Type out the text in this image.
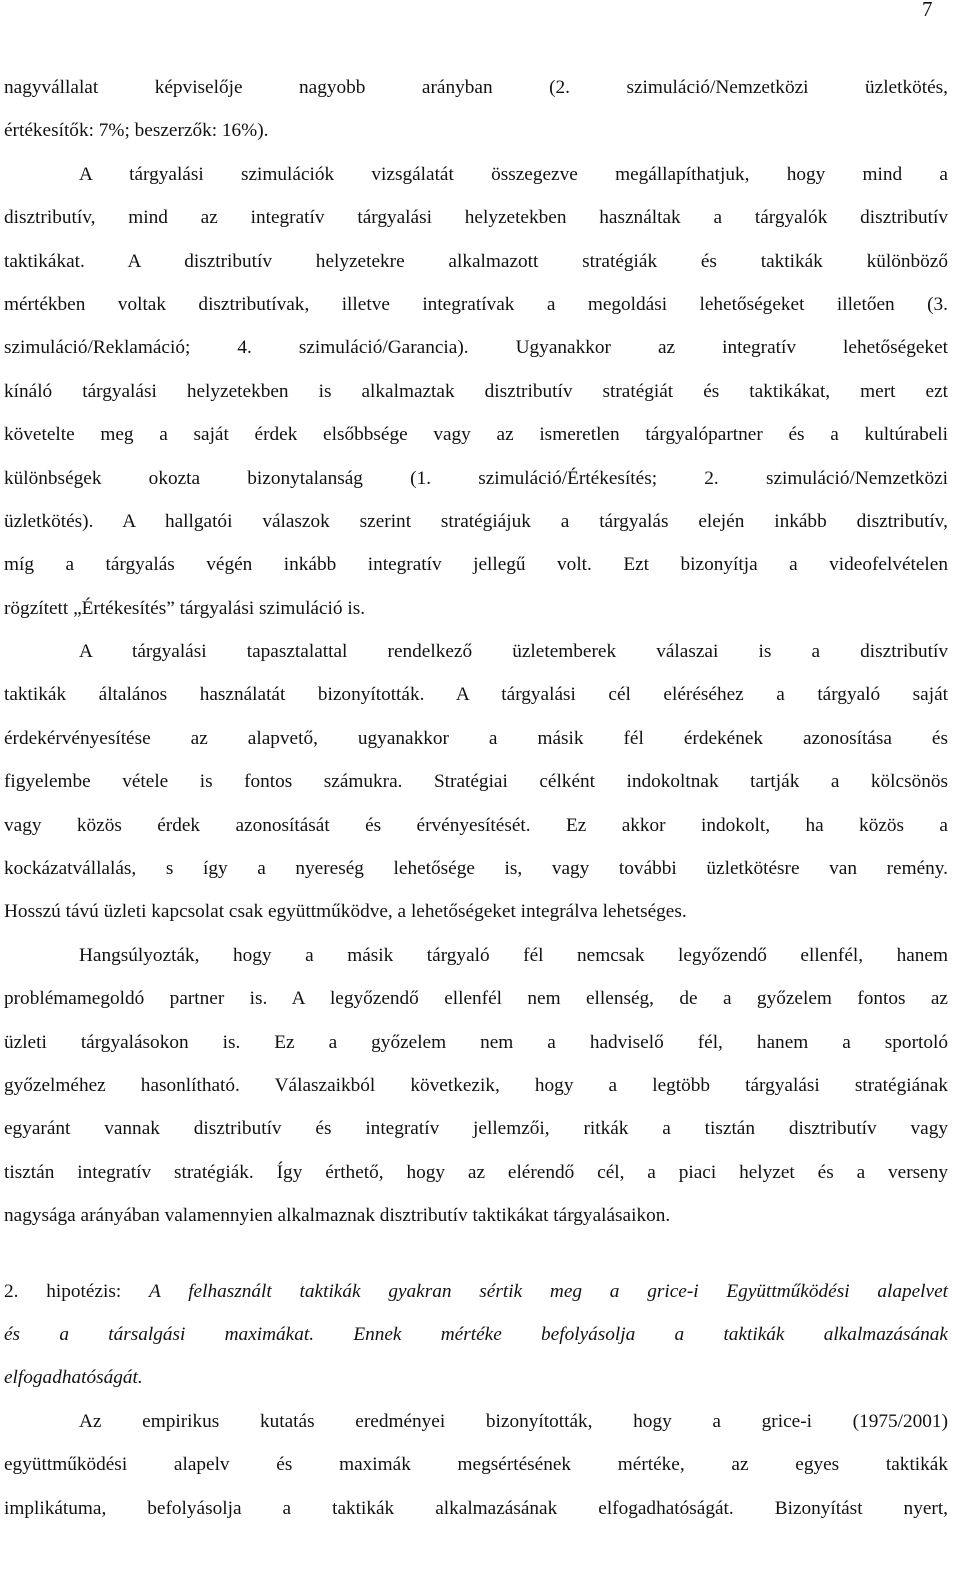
7
nagyvállalat képviselője nagyobb arányban (2. szimuláció/Nemzetközi üzletkötés,
értékesítők: 7%; beszerzők: 16%).
A tárgyalási szimulációk vizsgálatát összegezve megállapíthatjuk, hogy mind a
disztributív, mind az integratív tárgyalási helyzetekben használtak a tárgyalók disztributív
taktikákat. A disztributív helyzetekre alkalmazott stratégiák és taktikák különböző
mértékben voltak disztributívak, illetve integratívak a megoldási lehetőségeket illetően (3.
szimuláció/Reklamáció; 4. szimuláció/Garancia). Ugyanakkor az integratív lehetőségeket
kínáló tárgyalási helyzetekben is alkalmaztak disztributív stratégiát és taktikákat, mert ezt
követelte meg a saját érdek elsőbbsége vagy az ismeretlen tárgyalópartner és a kultúrabeli
különbségek okozta bizonytalanság (1. szimuláció/Értékesítés; 2. szimuláció/Nemzetközi
üzletkötés). A hallgatói válaszok szerint stratégiájuk a tárgyalás elején inkább disztributív,
míg a tárgyalás végén inkább integratív jellegű volt. Ezt bizonyítja a videofelvételen
rögzített „Értékesítés” tárgyalási szimuláció is.
A tárgyalási tapasztalattal rendelkező üzletemberek válaszai is a disztributív
taktikák általános használatát bizonyították. A tárgyalási cél eléréséhez a tárgyaló saját
érdekérvényesítése az alapvető, ugyanakkor a másik fél érdekének azonosítása és
figyelembe vétele is fontos számukra. Stratégiai célként indokoltnak tartják a kölcsönös
vagy közös érdek azonosítását és érvényesítését. Ez akkor indokolt, ha közös a
kockázatvállalás, s így a nyereség lehetősége is, vagy további üzletkötésre van remény.
Hosszú távú üzleti kapcsolat csak együttműködve, a lehetőségeket integrálva lehetséges.
Hangsúlyozták, hogy a másik tárgyaló fél nemcsak legyőzendő ellenfél, hanem
problémamegoldó partner is. A legyőzendő ellenfél nem ellenség, de a győzelem fontos az
üzleti tárgyalásokon is. Ez a győzelem nem a hadviselő fél, hanem a sportoló
győzelméhez hasonlítható. Válaszaikból következik, hogy a legtöbb tárgyalási stratégiának
egyaránt vannak disztributív és integratív jellemzői, ritkák a tisztán disztributív vagy
tisztán integratív stratégiák. Így érthető, hogy az elérendő cél, a piaci helyzet és a verseny
nagysága arányában valamennyien alkalmaznak disztributív taktikákat tárgyalásaikon.
2. hipotézis: A felhasznált taktikák gyakran sértik meg a grice-i Együttműködési alapelvet
és a társalgási maximákat. Ennek mértéke befolyásolja a taktikák alkalmazásának
elfogadhatóságát.
Az empirikus kutatás eredményei bizonyították, hogy a grice-i (1975/2001)
együttműködési alapelv és maximák megsértésének mértéke, az egyes taktikák
implikátuma, befolyásolja a taktikák alkalmazásának elfogadhatóságát. Bizonyítást nyert,
